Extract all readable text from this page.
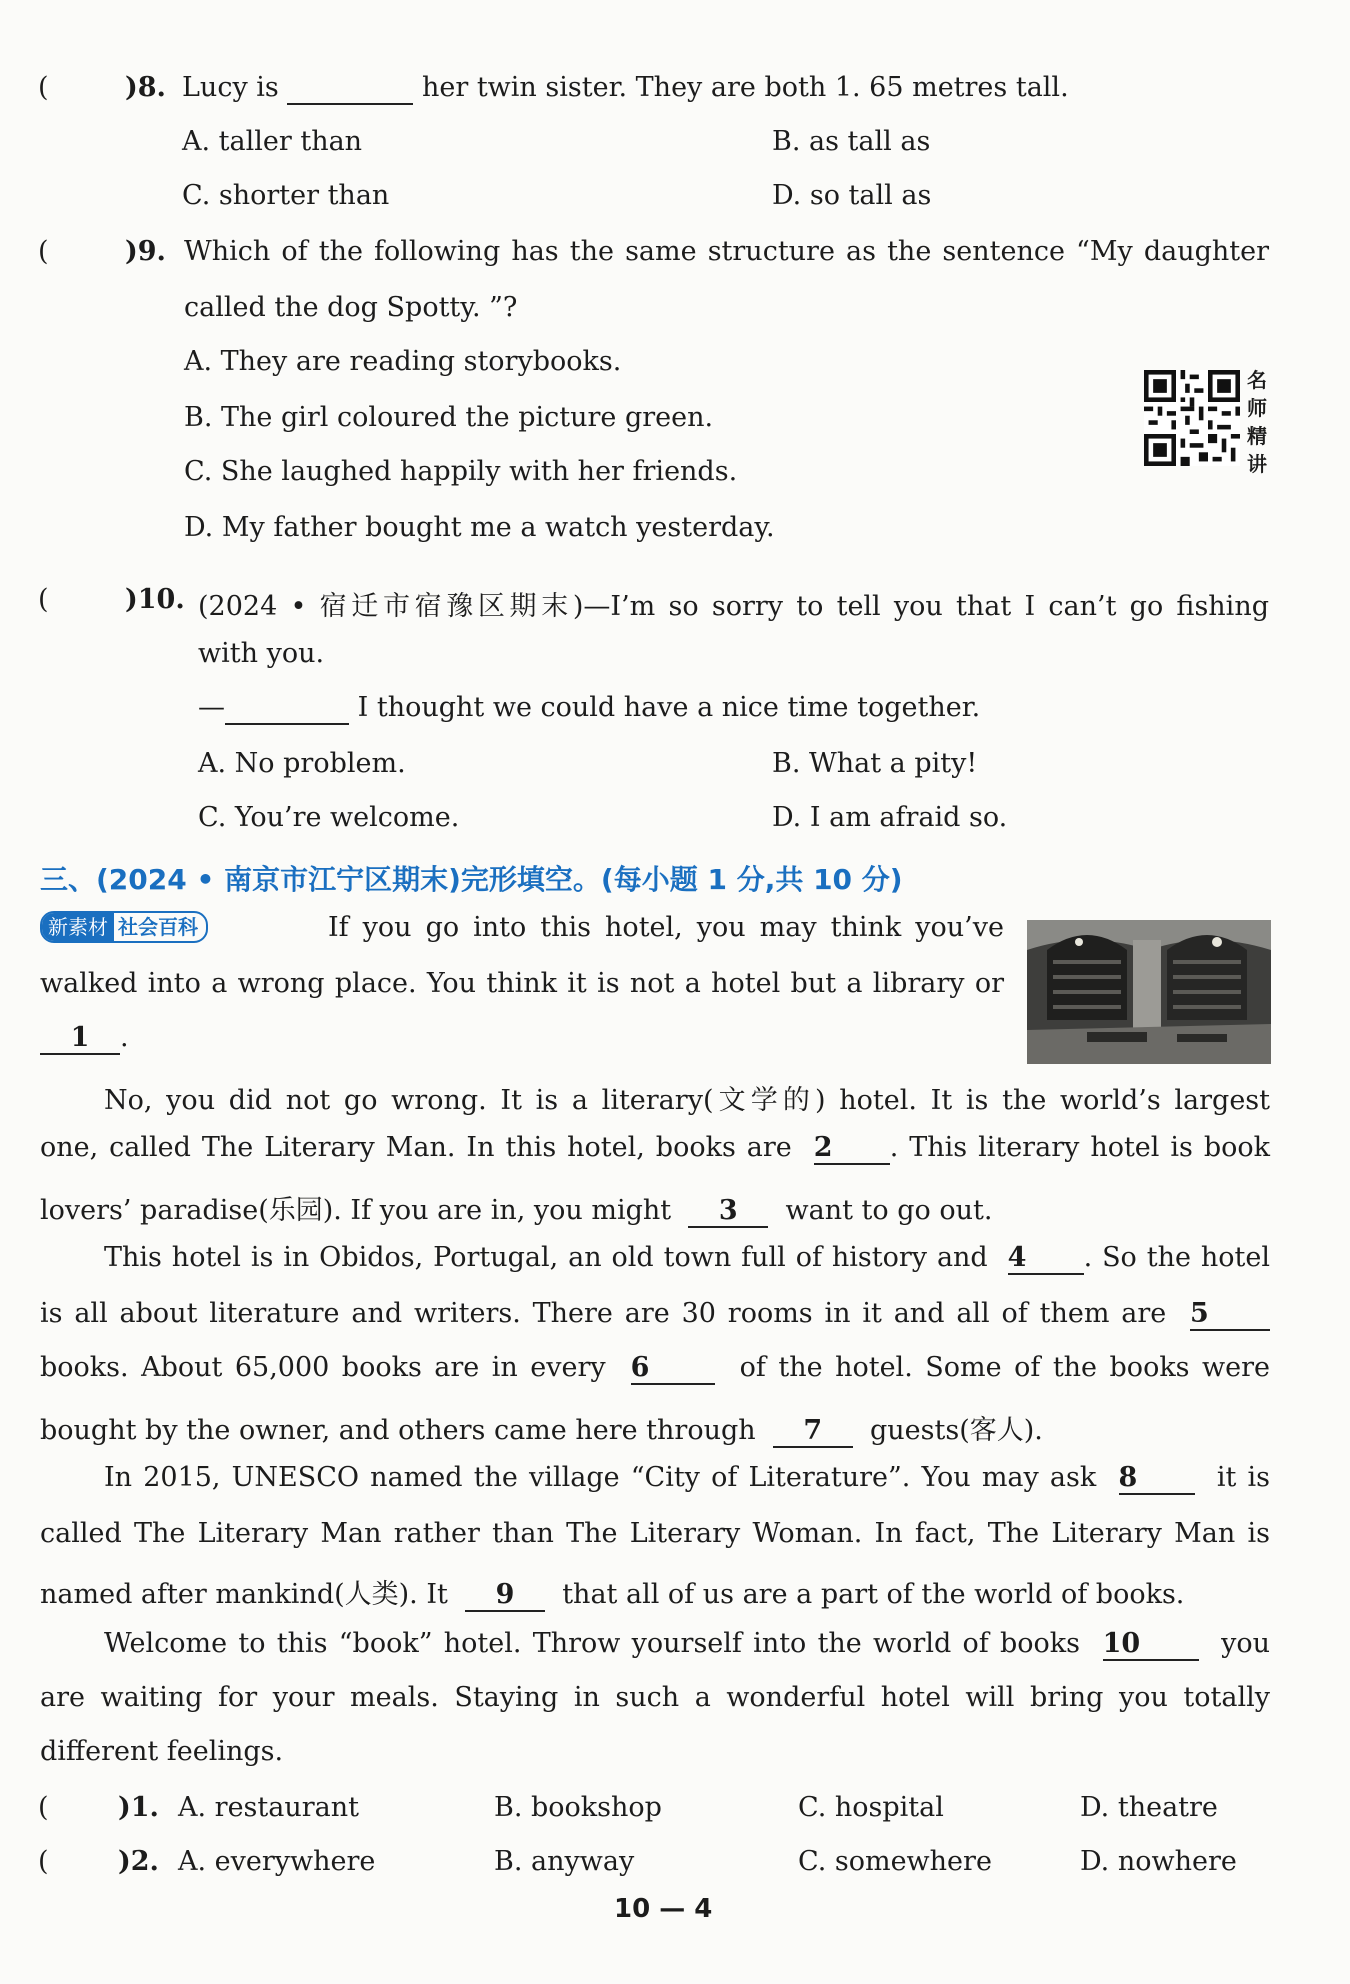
(	)8. Lucy is	her twin sister. They are both 1. 65 metres tall.
A. taller than	B. as tall as
C. shorter than	D. so tall as
(	)9. Which of the following has the same structure as the sentence “My daughter
called the dog Spotty. ”?
A. They are reading storybooks.
B. The girl coloured the picture green.
C. She laughed happily with her friends.
D. My father bought me a watch yesterday.
名
师
精
讲
(	)10. (2024 • 宿迁市宿豫区期末)—I’m so sorry to tell you that I can’t go fishing
with you.
—	I thought we could have a nice time together.
A. No problem.	B. What a pity!
C. You’re welcome.	D. I am afraid so.
三、(2024 • 南京市江宁区期末)完形填空。(每小题 1 分,共 10 分)
新素材 社会百科	If you go into this hotel, you may think you’ve
walked into a wrong place. You think it is not a hotel but a library or
1 .
No, you did not go wrong. It is a literary(文学的) hotel. It is the world’s largest
one, called The Literary Man. In this hotel, books are 2 . This literary hotel is book
lovers’ paradise(乐园). If you are in, you might 3 want to go out.
This hotel is in Obidos, Portugal, an old town full of history and 4 . So the hotel
is all about literature and writers. There are 30 rooms in it and all of them are 5
books. About 65,000 books are in every 6	of the hotel. Some of the books were
bought by the owner, and others came here through 7 guests(客人).
In 2015, UNESCO named the village “City of Literature”. You may ask 8	it is
called The Literary Man rather than The Literary Woman. In fact, The Literary Man is
named after mankind(人类). It 9 that all of us are a part of the world of books.
Welcome to this “book” hotel. Throw yourself into the world of books 10	you
are waiting for your meals. Staying in such a wonderful hotel will bring you totally
different feelings.
(	)1. A. restaurant	B. bookshop	C. hospital	D. theatre
(	)2. A. everywhere	B. anyway	C. somewhere	D. nowhere
10 — 4
